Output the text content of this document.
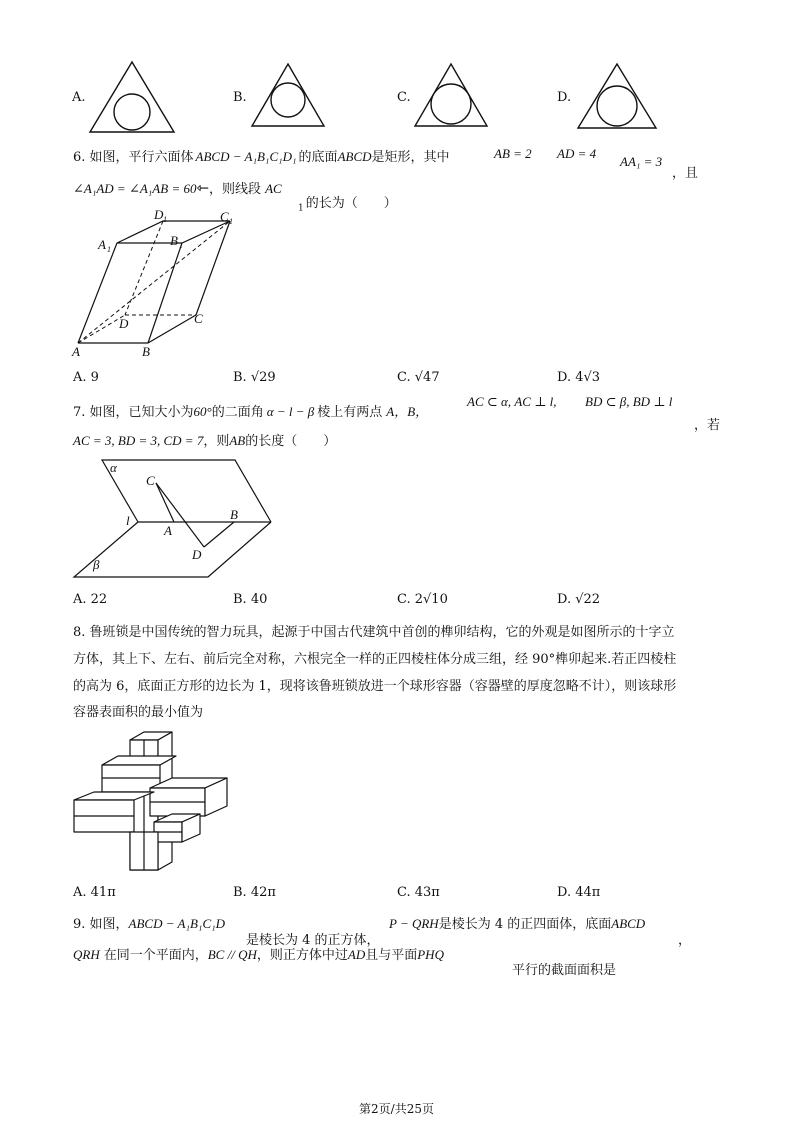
A.	B.	C.	D.
6. 如图，平行六面体 ABCD − A₁B₁C₁D₁ 的底面ABCD是矩形，其中	AB = 2 AD = 4
AA₁ = 3
，且
∠A₁AD = ∠A₁AB = 60⇽，则线段 AC
$_1$ 的长为（　　）
D 1	C 1
A 1
B 1
D	C
A	B
A. 9	B. √29	C. √47	D. 4√3
7. 如图，已知大小为60°的二面角 α − l − β 棱上有两点 A，B，
AC ⊂ α, AC ⊥ l, BD ⊂ β, BD ⊥ l
，若
AC = 3, BD = 3, CD = 7，则AB的长度（　　）
α
β
l
C
A
B
D
A. 22	B. 40	C. 2√10	D. √22
8. 鲁班锁是中国传统的智力玩具，起源于中国古代建筑中首创的榫卯结构，它的外观是如图所示的十字立
方体，其上下、左右、前后完全对称，六根完全一样的正四棱柱体分成三组，经 90°榫卯起来.若正四棱柱
的高为 6，底面正方形的边长为 1，现将该鲁班锁放进一个球形容器（容器壁的厚度忽略不计），则该球形
容器表面积的最小值为
A. 41π	B. 42π	C. 43π	D. 44π
9. 如图，ABCD − A₁B₁C₁D
是棱长为 4 的正方体，
P − QRH是棱长为 4 的正四面体，底面ABCD
，
QRH 在同一个平面内，BC // QH，则正方体中过AD且与平面PHQ
平行的截面面积是
第2页/共25页
